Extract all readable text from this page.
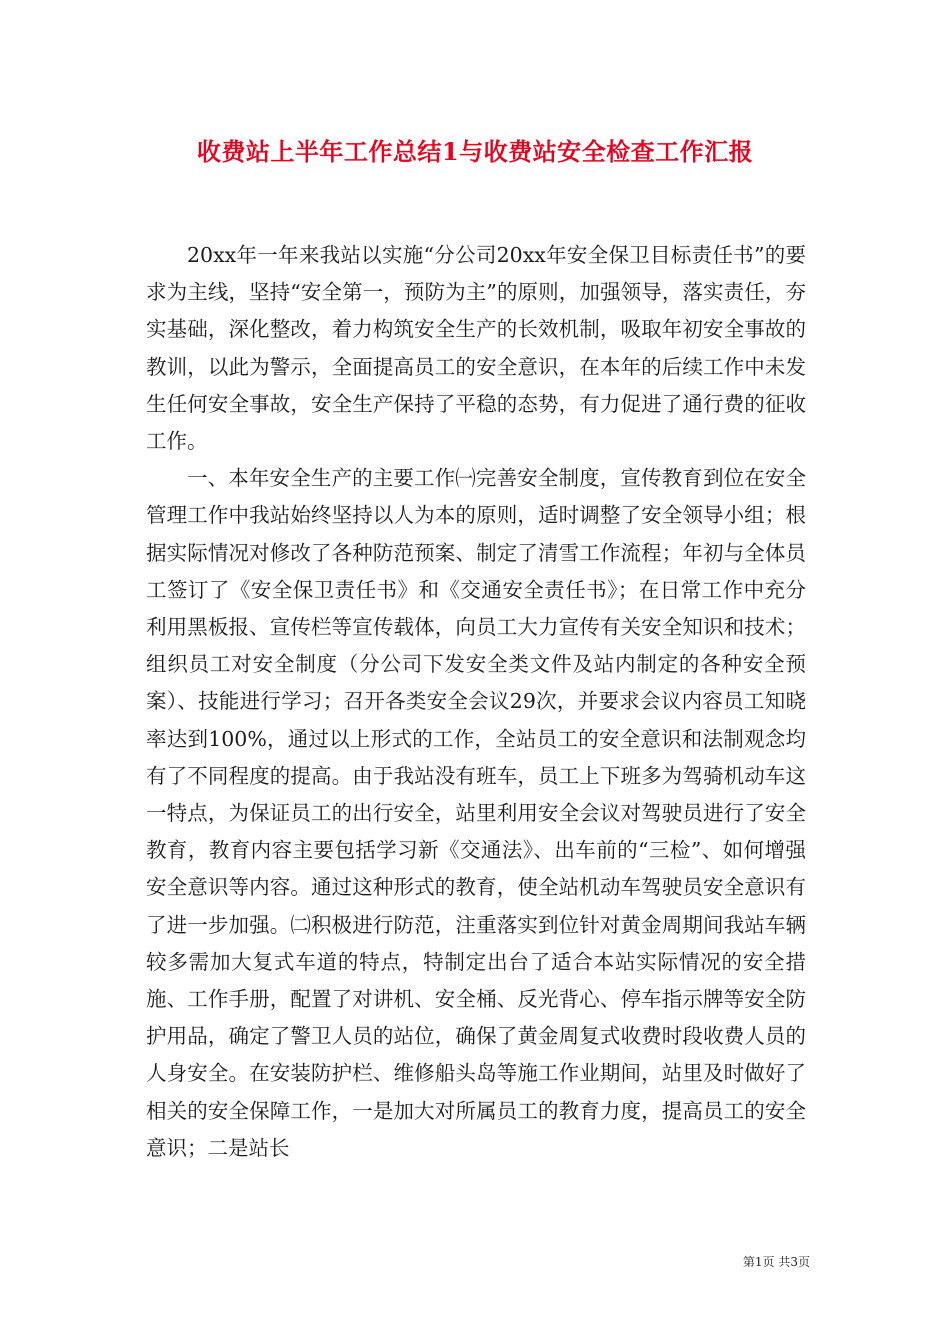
收费站上半年工作总结1与收费站安全检查工作汇报

20xx年一年来我站以实施“分公司20xx年安全保卫目标责任书”的要求为主线，坚持“安全第一，预防为主”的原则，加强领导，落实责任，夯实基础，深化整改，着力构筑安全生产的长效机制，吸取年初安全事故的教训，以此为警示，全面提高员工的安全意识，在本年的后续工作中未发生任何安全事故，安全生产保持了平稳的态势，有力促进了通行费的征收工作。

一、本年安全生产的主要工作㈠完善安全制度，宣传教育到位在安全管理工作中我站始终坚持以人为本的原则，适时调整了安全领导小组；根据实际情况对修改了各种防范预案、制定了清雪工作流程；年初与全体员工签订了《安全保卫责任书》和《交通安全责任书》；在日常工作中充分利用黑板报、宣传栏等宣传载体，向员工大力宣传有关安全知识和技术；组织员工对安全制度（分公司下发安全类文件及站内制定的各种安全预案）、技能进行学习；召开各类安全会议29次，并要求会议内容员工知晓率达到100%，通过以上形式的工作，全站员工的安全意识和法制观念均有了不同程度的提高。由于我站没有班车，员工上下班多为驾骑机动车这一特点，为保证员工的出行安全，站里利用安全会议对驾驶员进行了安全教育，教育内容主要包括学习新《交通法》、出车前的“三检”、如何增强安全意识等内容。通过这种形式的教育，使全站机动车驾驶员安全意识有了进一步加强。㈡积极进行防范，注重落实到位针对黄金周期间我站车辆较多需加大复式车道的特点，特制定出台了适合本站实际情况的安全措施、工作手册，配置了对讲机、安全桶、反光背心、停车指示牌等安全防护用品，确定了警卫人员的站位，确保了黄金周复式收费时段收费人员的人身安全。在安装防护栏、维修船头岛等施工作业期间，站里及时做好了相关的安全保障工作，一是加大对所属员工的教育力度，提高员工的安全意识；二是站长

第1页 共3页
